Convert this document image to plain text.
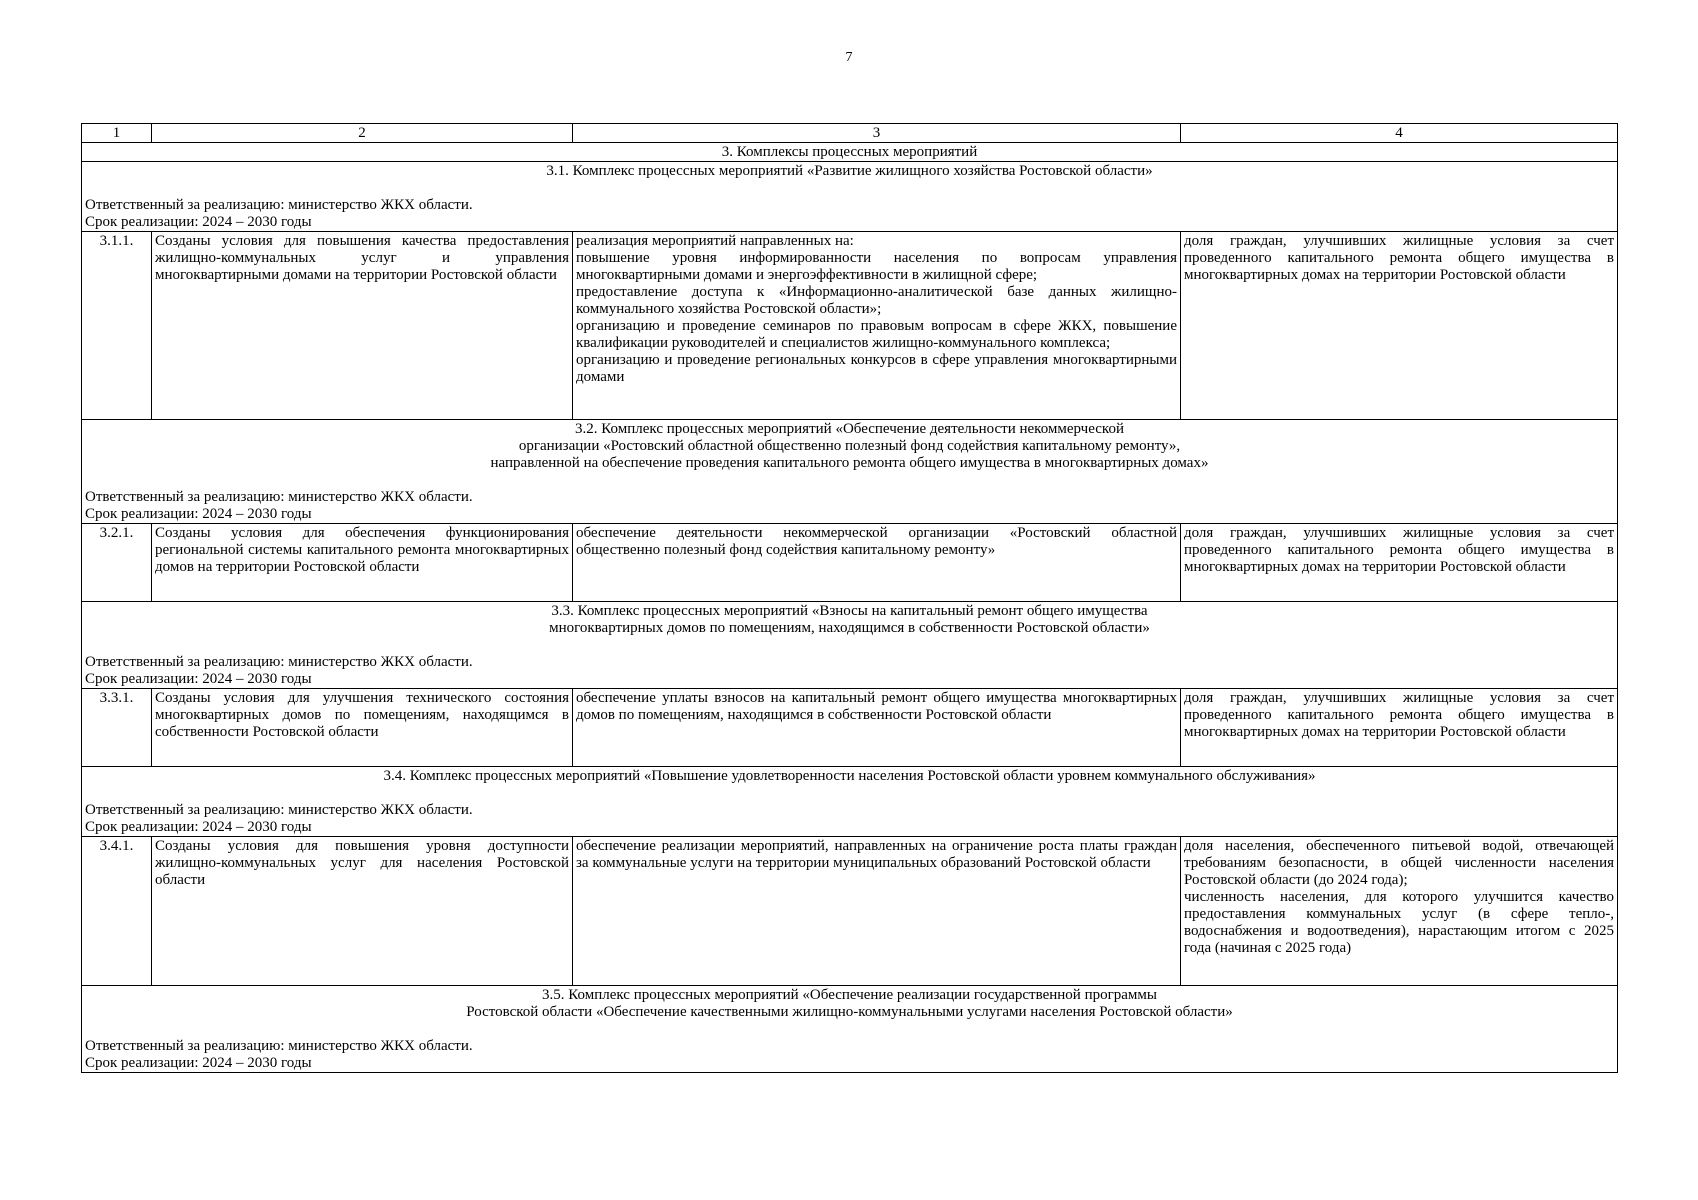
7
1	2	3	4
3. Комплексы процессных мероприятий			

3.1. Комплекс процессных мероприятий «Развитие жилищного хозяйства Ростовской области»
Ответственный за реализацию: министерство ЖКХ области.
Срок реализации: 2024 – 2030 годы			

3.1.1.	Созданы условия для повышения качества предоставления жилищно-коммунальных услуг и управления многоквартирными домами на территории Ростовской области	реализация мероприятий направленных на:
повышение уровня информированности населения по вопросам управления многоквартирными домами и энергоэффективности в жилищной сфере;
предоставление доступа к «Информационно-аналитической базе данных жилищно-коммунального хозяйства Ростовской области»;
организацию и проведение семинаров по правовым вопросам в сфере ЖКХ, повышение квалификации руководителей и специалистов жилищно-коммунального комплекса;
организацию и проведение региональных конкурсов в сфере управления многоквартирными домами	доля граждан, улучшивших жилищные условия за счет проведенного капитального ремонта общего имущества в многоквартирных домах на территории Ростовской области

3.2. Комплекс процессных мероприятий «Обеспечение деятельности некоммерческой
организации «Ростовский областной общественно полезный фонд содействия капитальному ремонту»,
направленной на обеспечение проведения капитального ремонта общего имущества в многоквартирных домах»
Ответственный за реализацию: министерство ЖКХ области.
Срок реализации: 2024 – 2030 годы			

3.2.1.	Созданы условия для обеспечения функционирования региональной системы капитального ремонта многоквартирных домов на территории Ростовской области	обеспечение деятельности некоммерческой организации «Ростовский областной общественно полезный фонд содействия капитальному ремонту»	доля граждан, улучшивших жилищные условия за счет проведенного капитального ремонта общего имущества в многоквартирных домах на территории Ростовской области

3.3. Комплекс процессных мероприятий «Взносы на капитальный ремонт общего имущества
многоквартирных домов по помещениям, находящимся в собственности Ростовской области»
Ответственный за реализацию: министерство ЖКХ области.
Срок реализации: 2024 – 2030 годы			

3.3.1.	Созданы условия для улучшения технического состояния многоквартирных домов по помещениям, находящимся в собственности Ростовской области	обеспечение уплаты взносов на капитальный ремонт общего имущества многоквартирных домов по помещениям, находящимся в собственности Ростовской области	доля граждан, улучшивших жилищные условия за счет проведенного капитального ремонта общего имущества в многоквартирных домах на территории Ростовской области

3.4. Комплекс процессных мероприятий «Повышение удовлетворенности населения Ростовской области уровнем коммунального обслуживания»
Ответственный за реализацию: министерство ЖКХ области.
Срок реализации: 2024 – 2030 годы			

3.4.1.	Созданы условия для повышения уровня доступности жилищно-коммунальных услуг для населения Ростовской области	обеспечение реализации мероприятий, направленных на ограничение роста платы граждан за коммунальные услуги на территории муниципальных образований Ростовской области	доля населения, обеспеченного питьевой водой, отвечающей требованиям безопасности, в общей численности населения Ростовской области (до 2024 года);
численность населения, для которого улучшится качество предоставления коммунальных услуг (в сфере тепло-, водоснабжения и водоотведения), нарастающим итогом с 2025 года (начиная с 2025 года)

3.5. Комплекс процессных мероприятий «Обеспечение реализации государственной программы
Ростовской области «Обеспечение качественными жилищно-коммунальными услугами населения Ростовской области»
Ответственный за реализацию: министерство ЖКХ области.
Срок реализации: 2024 – 2030 годы			
